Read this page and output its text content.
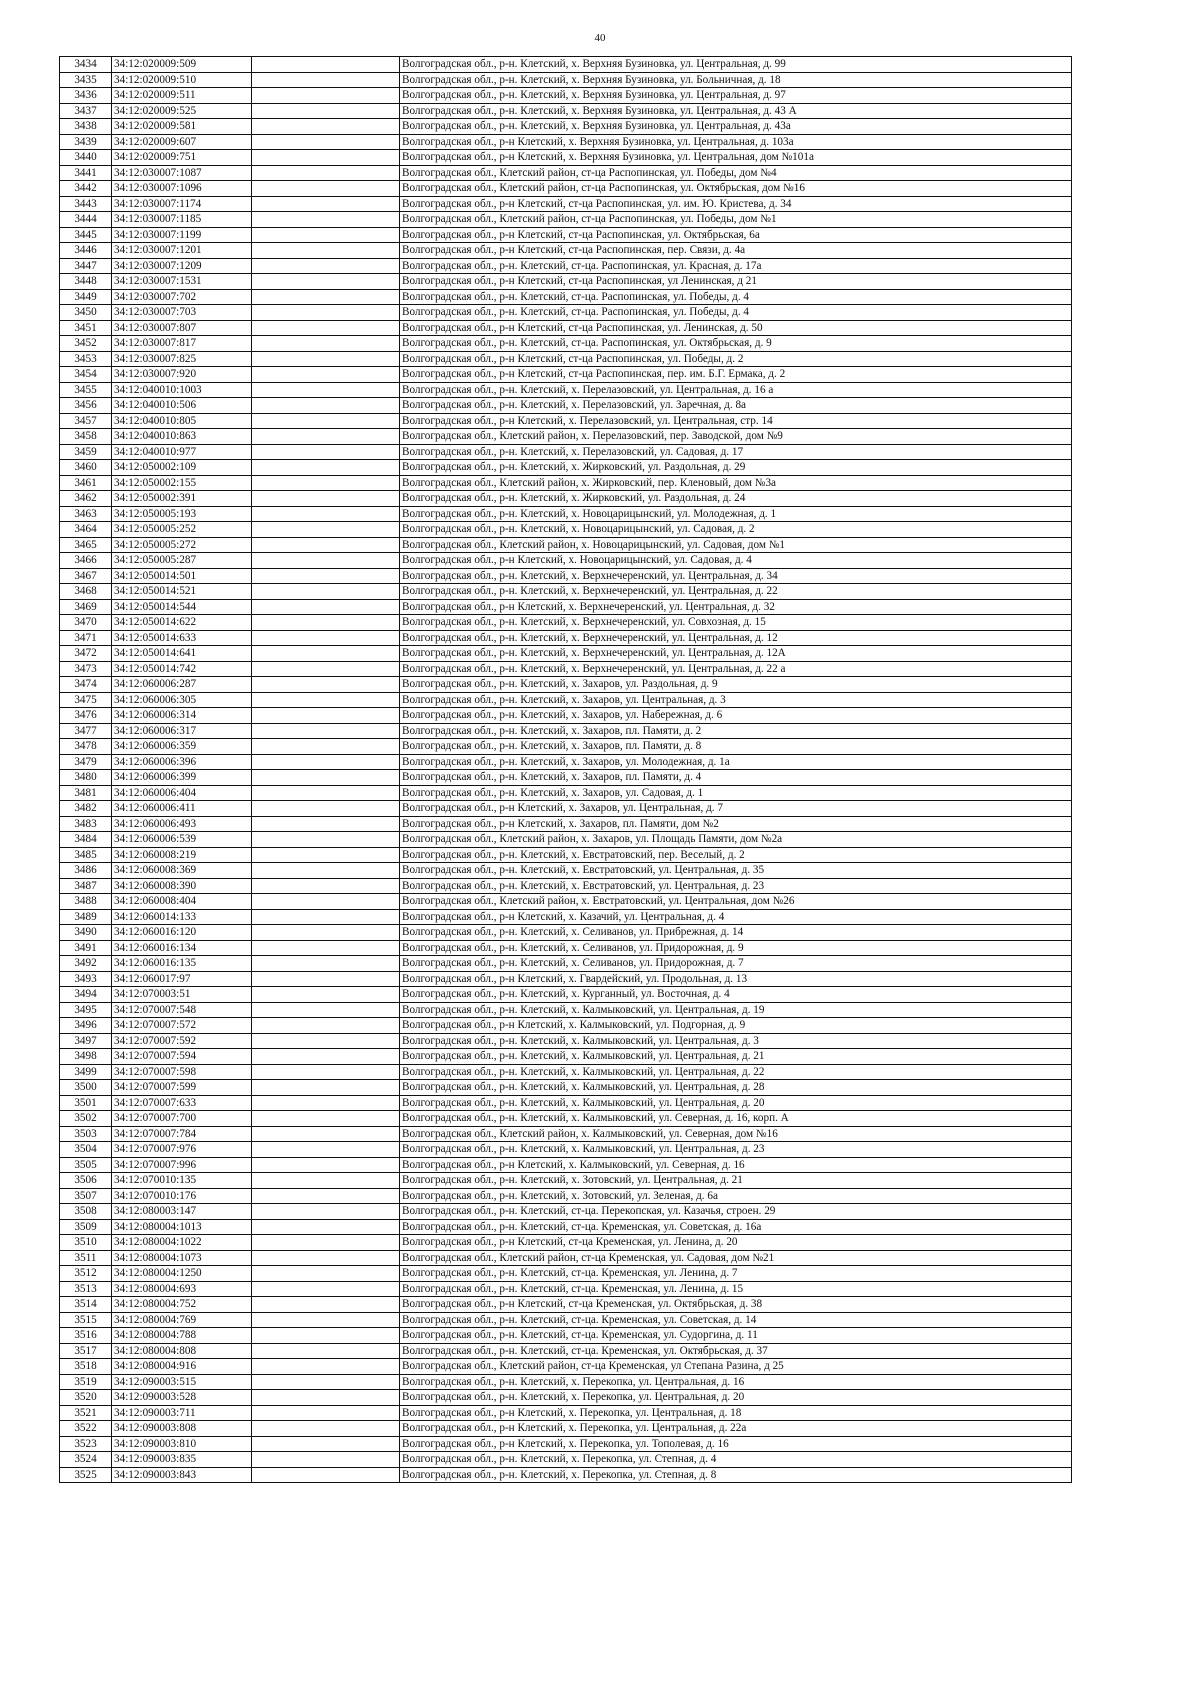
40
3434	34:12:020009:509		Волгоградская обл., р-н. Клетский, х. Верхняя Бузиновка, ул. Центральная, д. 99
3435	34:12:020009:510		Волгоградская обл., р-н. Клетский, х. Верхняя Бузиновка, ул. Больничная, д. 18
3436	34:12:020009:511		Волгоградская обл., р-н. Клетский, х. Верхняя Бузиновка, ул. Центральная, д. 97
3437	34:12:020009:525		Волгоградская обл., р-н. Клетский, х. Верхняя Бузиновка, ул. Центральная, д. 43 А
3438	34:12:020009:581		Волгоградская обл., р-н. Клетский, х. Верхняя Бузиновка, ул. Центральная, д. 43а
3439	34:12:020009:607		Волгоградская обл., р-н Клетский, х. Верхняя Бузиновка, ул. Центральная, д. 103а
3440	34:12:020009:751		Волгоградская обл., р-н Клетский, х. Верхняя Бузиновка, ул. Центральная, дом №101а
3441	34:12:030007:1087		Волгоградская обл., Клетский район, ст-ца Распопинская, ул. Победы, дом №4
3442	34:12:030007:1096		Волгоградская обл., Клетский район, ст-ца Распопинская, ул. Октябрьская, дом №16
3443	34:12:030007:1174		Волгоградская обл., р-н Клетский, ст-ца Распопинская, ул. им. Ю. Кристева, д. 34
3444	34:12:030007:1185		Волгоградская обл., Клетский район, ст-ца Распопинская, ул. Победы, дом №1
3445	34:12:030007:1199		Волгоградская обл., р-н Клетский, ст-ца Распопинская, ул. Октябрьская, 6а
3446	34:12:030007:1201		Волгоградская обл., р-н Клетский, ст-ца Распопинская, пер. Связи, д. 4а
3447	34:12:030007:1209		Волгоградская обл., р-н. Клетский, ст-ца. Распопинская, ул. Красная, д. 17а
3448	34:12:030007:1531		Волгоградская обл., р-н Клетский, ст-ца Распопинская, ул Ленинская, д 21
3449	34:12:030007:702		Волгоградская обл., р-н. Клетский, ст-ца. Распопинская, ул. Победы, д. 4
3450	34:12:030007:703		Волгоградская обл., р-н. Клетский, ст-ца. Распопинская, ул. Победы, д. 4
3451	34:12:030007:807		Волгоградская обл., р-н Клетский, ст-ца Распопинская, ул. Ленинская, д. 50
3452	34:12:030007:817		Волгоградская обл., р-н. Клетский, ст-ца. Распопинская, ул. Октябрьская, д. 9
3453	34:12:030007:825		Волгоградская обл., р-н Клетский, ст-ца Распопинская, ул. Победы, д. 2
3454	34:12:030007:920		Волгоградская обл., р-н Клетский, ст-ца Распопинская, пер. им. Б.Г. Ермака, д. 2
3455	34:12:040010:1003		Волгоградская обл., р-н. Клетский, х. Перелазовский, ул. Центральная, д. 16 а
3456	34:12:040010:506		Волгоградская обл., р-н. Клетский, х. Перелазовский, ул. Заречная, д. 8а
3457	34:12:040010:805		Волгоградская обл., р-н Клетский, х. Перелазовский, ул. Центральная, стр. 14
3458	34:12:040010:863		Волгоградская обл., Клетский район, х. Перелазовский, пер. Заводской, дом №9
3459	34:12:040010:977		Волгоградская обл., р-н. Клетский, х. Перелазовский, ул. Садовая, д. 17
3460	34:12:050002:109		Волгоградская обл., р-н. Клетский, х. Жирковский, ул. Раздольная, д. 29
3461	34:12:050002:155		Волгоградская обл., Клетский район, х. Жирковский, пер. Кленовый, дом №3а
3462	34:12:050002:391		Волгоградская обл., р-н. Клетский, х. Жирковский, ул. Раздольная, д. 24
3463	34:12:050005:193		Волгоградская обл., р-н. Клетский, х. Новоцарицынский, ул. Молодежная, д. 1
3464	34:12:050005:252		Волгоградская обл., р-н. Клетский, х. Новоцарицынский, ул. Садовая, д. 2
3465	34:12:050005:272		Волгоградская обл., Клетский район, х. Новоцарицынский, ул. Садовая, дом №1
3466	34:12:050005:287		Волгоградская обл., р-н Клетский, х. Новоцарицынский, ул. Садовая, д. 4
3467	34:12:050014:501		Волгоградская обл., р-н. Клетский, х. Верхнечеренский, ул. Центральная, д. 34
3468	34:12:050014:521		Волгоградская обл., р-н. Клетский, х. Верхнечеренский, ул. Центральная, д. 22
3469	34:12:050014:544		Волгоградская обл., р-н Клетский, х. Верхнечеренский, ул. Центральная, д. 32
3470	34:12:050014:622		Волгоградская обл., р-н. Клетский, х. Верхнечеренский, ул. Совхозная, д. 15
3471	34:12:050014:633		Волгоградская обл., р-н. Клетский, х. Верхнечеренский, ул. Центральная, д. 12
3472	34:12:050014:641		Волгоградская обл., р-н. Клетский, х. Верхнечеренский, ул. Центральная, д. 12А
3473	34:12:050014:742		Волгоградская обл., р-н. Клетский, х. Верхнечеренский, ул. Центральная, д. 22 а
3474	34:12:060006:287		Волгоградская обл., р-н. Клетский, х. Захаров, ул. Раздольная, д. 9
3475	34:12:060006:305		Волгоградская обл., р-н. Клетский, х. Захаров, ул. Центральная, д. 3
3476	34:12:060006:314		Волгоградская обл., р-н. Клетский, х. Захаров, ул. Набережная, д. 6
3477	34:12:060006:317		Волгоградская обл., р-н. Клетский, х. Захаров, пл. Памяти, д. 2
3478	34:12:060006:359		Волгоградская обл., р-н. Клетский, х. Захаров, пл. Памяти, д. 8
3479	34:12:060006:396		Волгоградская обл., р-н. Клетский, х. Захаров, ул. Молодежная, д. 1а
3480	34:12:060006:399		Волгоградская обл., р-н. Клетский, х. Захаров, пл. Памяти, д. 4
3481	34:12:060006:404		Волгоградская обл., р-н. Клетский, х. Захаров, ул. Садовая, д. 1
3482	34:12:060006:411		Волгоградская обл., р-н Клетский, х. Захаров, ул. Центральная, д. 7
3483	34:12:060006:493		Волгоградская обл., р-н Клетский, х. Захаров, пл. Памяти, дом №2
3484	34:12:060006:539		Волгоградская обл., Клетский район, х. Захаров, ул. Площадь Памяти, дом №2а
3485	34:12:060008:219		Волгоградская обл., р-н. Клетский, х. Евстратовский, пер. Веселый, д. 2
3486	34:12:060008:369		Волгоградская обл., р-н. Клетский, х. Евстратовский, ул. Центральная, д. 35
3487	34:12:060008:390		Волгоградская обл., р-н. Клетский, х. Евстратовский, ул. Центральная, д. 23
3488	34:12:060008:404		Волгоградская обл., Клетский район, х. Евстратовский, ул. Центральная, дом №26
3489	34:12:060014:133		Волгоградская обл., р-н Клетский, х. Казачий, ул. Центральная, д. 4
3490	34:12:060016:120		Волгоградская обл., р-н. Клетский, х. Селиванов, ул. Прибрежная, д. 14
3491	34:12:060016:134		Волгоградская обл., р-н. Клетский, х. Селиванов, ул. Придорожная, д. 9
3492	34:12:060016:135		Волгоградская обл., р-н. Клетский, х. Селиванов, ул. Придорожная, д. 7
3493	34:12:060017:97		Волгоградская обл., р-н Клетский, х. Гвардейский, ул. Продольная, д. 13
3494	34:12:070003:51		Волгоградская обл., р-н. Клетский, х. Курганный, ул. Восточная, д. 4
3495	34:12:070007:548		Волгоградская обл., р-н. Клетский, х. Калмыковский, ул. Центральная, д. 19
3496	34:12:070007:572		Волгоградская обл., р-н Клетский, х. Калмыковский, ул. Подгорная, д. 9
3497	34:12:070007:592		Волгоградская обл., р-н. Клетский, х. Калмыковский, ул. Центральная, д. 3
3498	34:12:070007:594		Волгоградская обл., р-н. Клетский, х. Калмыковский, ул. Центральная, д. 21
3499	34:12:070007:598		Волгоградская обл., р-н. Клетский, х. Калмыковский, ул. Центральная, д. 22
3500	34:12:070007:599		Волгоградская обл., р-н. Клетский, х. Калмыковский, ул. Центральная, д. 28
3501	34:12:070007:633		Волгоградская обл., р-н. Клетский, х. Калмыковский, ул. Центральная, д. 20
3502	34:12:070007:700		Волгоградская обл., р-н. Клетский, х. Калмыковский, ул. Северная, д. 16, корп. А
3503	34:12:070007:784		Волгоградская обл., Клетский район, х. Калмыковский, ул. Северная, дом №16
3504	34:12:070007:976		Волгоградская обл., р-н. Клетский, х. Калмыковский, ул. Центральная, д. 23
3505	34:12:070007:996		Волгоградская обл., р-н Клетский, х. Калмыковский, ул. Северная, д. 16
3506	34:12:070010:135		Волгоградская обл., р-н. Клетский, х. Зотовский, ул. Центральная, д. 21
3507	34:12:070010:176		Волгоградская обл., р-н. Клетский, х. Зотовский, ул. Зеленая, д. 6а
3508	34:12:080003:147		Волгоградская обл., р-н. Клетский, ст-ца. Перекопская, ул. Казачья, строен. 29
3509	34:12:080004:1013		Волгоградская обл., р-н. Клетский, ст-ца. Кременская, ул. Советская, д. 16а
3510	34:12:080004:1022		Волгоградская обл., р-н Клетский, ст-ца Кременская, ул. Ленина, д. 20
3511	34:12:080004:1073		Волгоградская обл., Клетский район, ст-ца Кременская, ул. Садовая, дом №21
3512	34:12:080004:1250		Волгоградская обл., р-н. Клетский, ст-ца. Кременская, ул. Ленина, д. 7
3513	34:12:080004:693		Волгоградская обл., р-н. Клетский, ст-ца. Кременская, ул. Ленина, д. 15
3514	34:12:080004:752		Волгоградская обл., р-н Клетский, ст-ца Кременская, ул. Октябрьская, д. 38
3515	34:12:080004:769		Волгоградская обл., р-н. Клетский, ст-ца. Кременская, ул. Советская, д. 14
3516	34:12:080004:788		Волгоградская обл., р-н. Клетский, ст-ца. Кременская, ул. Судоргина, д. 11
3517	34:12:080004:808		Волгоградская обл., р-н. Клетский, ст-ца. Кременская, ул. Октябрьская, д. 37
3518	34:12:080004:916		Волгоградская обл., Клетский район, ст-ца Кременская, ул Степана Разина, д 25
3519	34:12:090003:515		Волгоградская обл., р-н. Клетский, х. Перекопка, ул. Центральная, д. 16
3520	34:12:090003:528		Волгоградская обл., р-н. Клетский, х. Перекопка, ул. Центральная, д. 20
3521	34:12:090003:711		Волгоградская обл., р-н Клетский, х. Перекопка, ул. Центральная, д. 18
3522	34:12:090003:808		Волгоградская обл., р-н Клетский, х. Перекопка, ул. Центральная, д. 22а
3523	34:12:090003:810		Волгоградская обл., р-н Клетский, х. Перекопка, ул. Тополевая, д. 16
3524	34:12:090003:835		Волгоградская обл., р-н. Клетский, х. Перекопка, ул. Степная, д. 4
3525	34:12:090003:843		Волгоградская обл., р-н. Клетский, х. Перекопка, ул. Степная, д. 8
